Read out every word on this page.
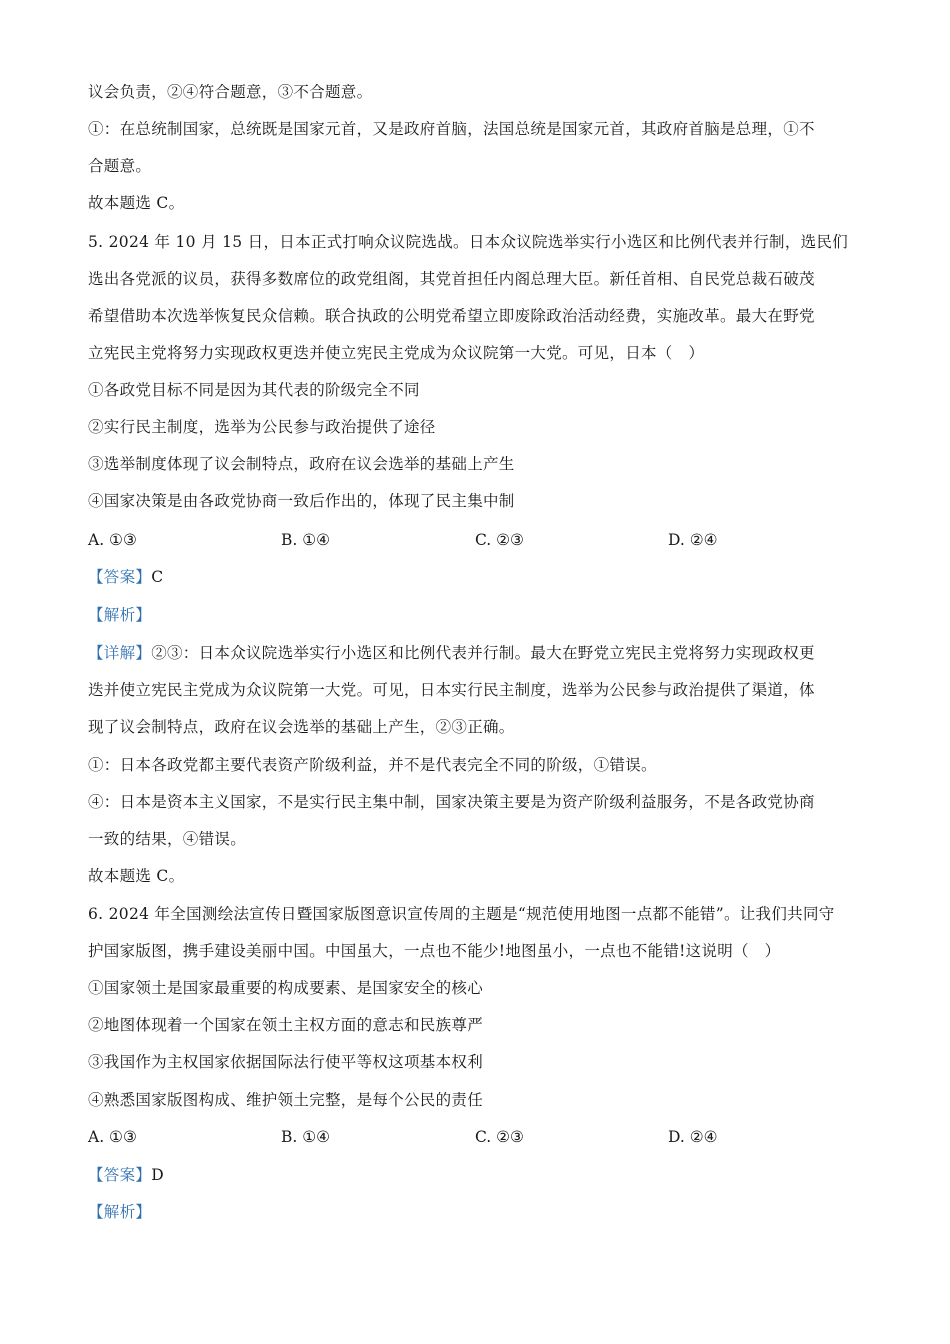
议会负责，②④符合题意，③不合题意。
①：在总统制国家，总统既是国家元首，又是政府首脑，法国总统是国家元首，其政府首脑是总理，①不
合题意。
故本题选 C。
5. 2024 年 10 月 15 日，日本正式打响众议院选战。日本众议院选举实行小选区和比例代表并行制，选民们
选出各党派的议员，获得多数席位的政党组阁，其党首担任内阁总理大臣。新任首相、自民党总裁石破茂
希望借助本次选举恢复民众信赖。联合执政的公明党希望立即废除政治活动经费，实施改革。最大在野党
立宪民主党将努力实现政权更迭并使立宪民主党成为众议院第一大党。可见，日本（　）
①各政党目标不同是因为其代表的阶级完全不同
②实行民主制度，选举为公民参与政治提供了途径
③选举制度体现了议会制特点，政府在议会选举的基础上产生
④国家决策是由各政党协商一致后作出的，体现了民主集中制
A. ①③	B. ①④	C. ②③	D. ②④
【答案】C
【解析】
【详解】②③：日本众议院选举实行小选区和比例代表并行制。最大在野党立宪民主党将努力实现政权更
迭并使立宪民主党成为众议院第一大党。可见，日本实行民主制度，选举为公民参与政治提供了渠道，体
现了议会制特点，政府在议会选举的基础上产生，②③正确。
①：日本各政党都主要代表资产阶级利益，并不是代表完全不同的阶级，①错误。
④：日本是资本主义国家，不是实行民主集中制，国家决策主要是为资产阶级利益服务，不是各政党协商
一致的结果，④错误。
故本题选 C。
6. 2024 年全国测绘法宣传日暨国家版图意识宣传周的主题是“规范使用地图一点都不能错”。让我们共同守
护国家版图，携手建设美丽中国。中国虽大，一点也不能少!地图虽小，一点也不能错!这说明（　）
①国家领土是国家最重要的构成要素、是国家安全的核心
②地图体现着一个国家在领土主权方面的意志和民族尊严
③我国作为主权国家依据国际法行使平等权这项基本权利
④熟悉国家版图构成、维护领土完整，是每个公民的责任
A. ①③	B. ①④	C. ②③	D. ②④
【答案】D
【解析】
